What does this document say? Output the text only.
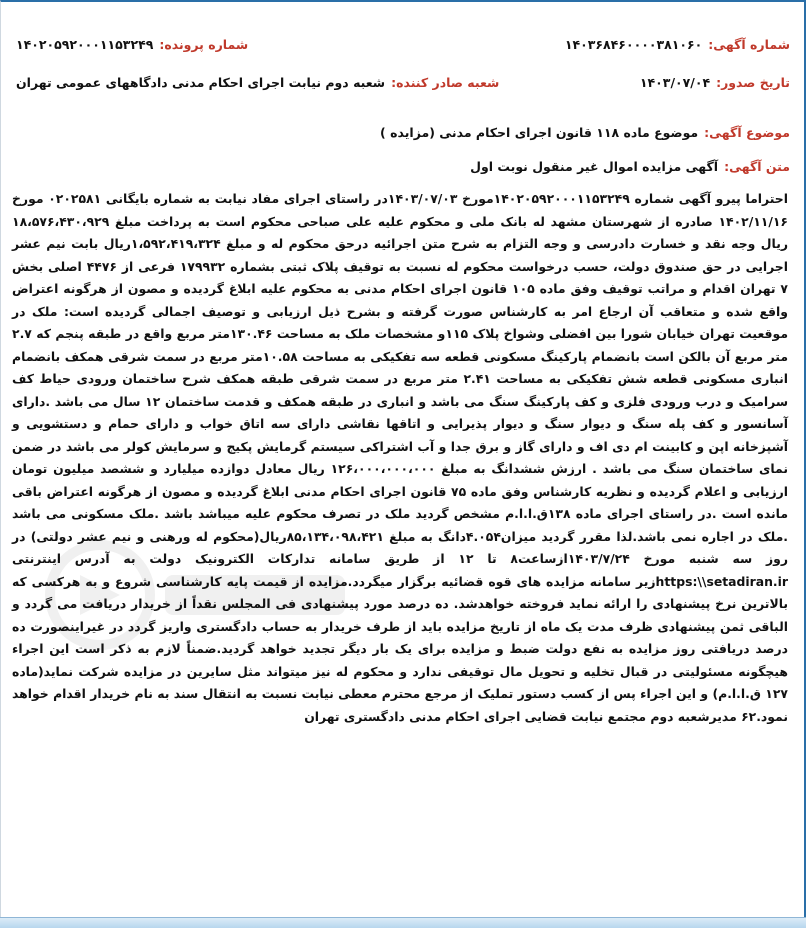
شماره آگهی:
۱۴۰۳۶۸۴۶۰۰۰۰۳۸۱۰۶۰
شماره پرونده:
۱۴۰۲۰۵۹۲۰۰۰۱۱۵۳۲۴۹
تاریخ صدور:
۱۴۰۳/۰۷/۰۴
شعبه صادر کننده:
شعبه دوم نیابت اجرای احکام مدنی دادگاههای عمومی تهران
موضوع آگهی:
موضوع ماده ۱۱۸ قانون اجرای احکام مدنی (مزایده )
متن آگهی:
آگهی مزایده اموال غیر منقول نوبت اول
احتراما پیرو آگهی شماره ۱۴۰۲۰۵۹۲۰۰۰۱۱۵۳۲۴۹مورخ ۱۴۰۳/۰۷/۰۳در راستای اجرای مفاد نیابت به شماره بایگانی ۰۲۰۲۵۸۱ مورخ ۱۴۰۲/۱۱/۱۶ صادره از شهرستان مشهد له بانک ملی و محکوم علیه علی صباحی محکوم است به پرداخت مبلغ ۱۸،۵۷۶،۴۳۰،۹۲۹ ریال وجه نقد و خسارت دادرسی و وجه التزام به شرح متن اجرائیه درحق محکوم له و مبلغ ۱،۵۹۲،۴۱۹،۳۲۴ریال بابت نیم عشر اجرایی در حق صندوق دولت، حسب درخواست محکوم له نسبت به توقیف پلاک ثبتی بشماره ۱۷۹۹۳۲ فرعی از ۴۴۷۶ اصلی بخش ۷ تهران اقدام و مراتب توقیف وفق ماده ۱۰۵ قانون اجرای احکام مدنی به محکوم علیه ابلاغ گردیده و مصون از هرگونه اعتراض واقع شده و متعاقب آن ارجاع امر به کارشناس صورت گرفته و بشرح ذیل ارزیابی و توصیف اجمالی گردیده است: ملک در موقعیت تهران خیابان شورا بین افضلی وشواخ پلاک ۱۱۵و مشخصات ملک به مساحت ۱۳۰.۴۶متر مربع واقع در طبقه پنجم که ۲.۷ متر مربع آن بالکن است بانضمام پارکینگ مسکونی قطعه سه تفکیکی به مساحت ۱۰.۵۸متر مربع در سمت شرقی همکف بانضمام انباری مسکونی قطعه شش تفکیکی به مساحت ۲.۴۱ متر مربع در سمت شرقی طبقه همکف شرح ساختمان ورودی حیاط کف سرامیک و درب ورودی فلزی و کف پارکینگ سنگ می باشد و انباری در طبقه همکف و قدمت ساختمان ۱۲ سال می باشد .دارای آسانسور و کف پله سنگ و دیوار سنگ و دیوار پذیرایی و اتاقها نقاشی دارای سه اتاق خواب و دارای حمام و دستشویی و آشپزخانه اپن و کابینت ام دی اف و دارای گاز و برق جدا و آب اشتراکی سیستم گرمایش پکیج و سرمایش کولر می باشد در ضمن نمای ساختمان سنگ می باشد . ارزش ششدانگ به مبلغ ۱۲۶،۰۰۰،۰۰۰،۰۰۰ ریال معادل دوازده میلیارد و ششصد میلیون تومان ارزیابی و اعلام گردیده و نظریه کارشناس وفق ماده ۷۵ قانون اجرای احکام مدنی ابلاغ گردیده و مصون از هرگونه اعتراض باقی مانده است .در راستای اجرای ماده ۱۳۸ق.ا.ا.م مشخص گردید ملک در تصرف محکوم علیه میباشد باشد .ملک مسکونی می باشد .ملک در اجاره نمی باشد.لذا مقرر گردید میزان۴.۰۵۴دانگ به مبلغ ۸۵،۱۳۴،۰۹۸،۴۲۱ریال(محکوم له ورهنی و نیم عشر دولتی) در روز سه شنبه مورخ ۱۴۰۳/۷/۲۴ازساعت۸ تا ۱۲ از طریق سامانه تدارکات الکترونیک دولت به آدرس اینترنتی https:\\setadiran.irزیر سامانه مزایده های قوه قضائیه برگزار میگردد.مزایده از قیمت پایه کارشناسی شروع و به هرکسی که بالاترین نرخ پیشنهادی را ارائه نماید فروخته خواهدشد. ده درصد مورد پیشنهادی فی المجلس نقداً از خریدار دریافت می گردد و الباقی ثمن پیشنهادی ظرف مدت یک ماه از تاریخ مزایده باید از طرف خریدار به حساب دادگستری واریز گردد در غیراینصورت ده درصد دریافتی روز مزایده به نفع دولت ضبط و مزایده برای یک بار دیگر تجدید خواهد گردید.ضمناً لازم به ذکر است این اجراء هیچگونه مسئولیتی در قبال تخلیه و تحویل مال توقیفی ندارد و محکوم له نیز میتواند مثل سایرین در مزایده شرکت نماید(ماده ۱۲۷ ق.ا.ا.م) و این اجراء پس از کسب دستور تملیک از مرجع محترم معطی نیابت نسبت به انتقال سند به نام خریدار اقدام خواهد نمود.۶۲ مدیرشعبه دوم مجتمع نیابت قضایی اجرای احکام مدنی دادگستری تهران
